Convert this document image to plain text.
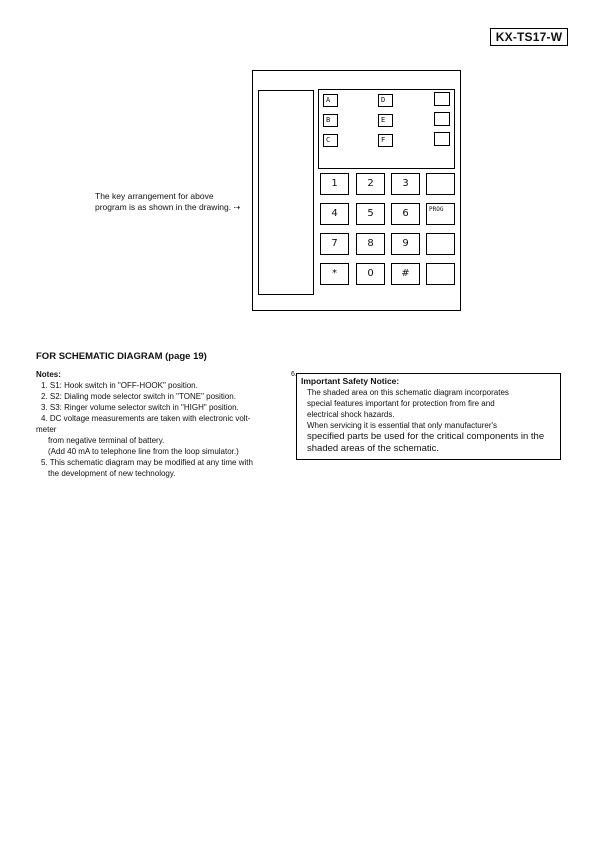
KX-TS17-W
A
B
C
D
E
F
1	2	3
4	5	6	PROG
7	8	9
*	0	#
The key arrangement for above
program is as shown in the drawing. ⇢
FOR SCHEMATIC DIAGRAM (page 19)
Notes:
1. S1: Hook switch in "OFF-HOOK" position.
2. S2: Dialing mode selector switch in "TONE" position.
3. S3: Ringer volume selector switch in "HIGH" position.
4. DC voltage measurements are taken with electronic volt-
meter
from negative terminal of battery.
(Add 40 mA to telephone line from the loop simulator.)
5. This schematic diagram may be modified at any time with
the development of new technology.
6.
Important Safety Notice:
The shaded area on this schematic diagram incorporates
special features important for protection from fire and
electrical shock hazards.
When servicing it is essential that only manufacturer's
specified parts be used for the critical components in the
shaded areas of the schematic.
